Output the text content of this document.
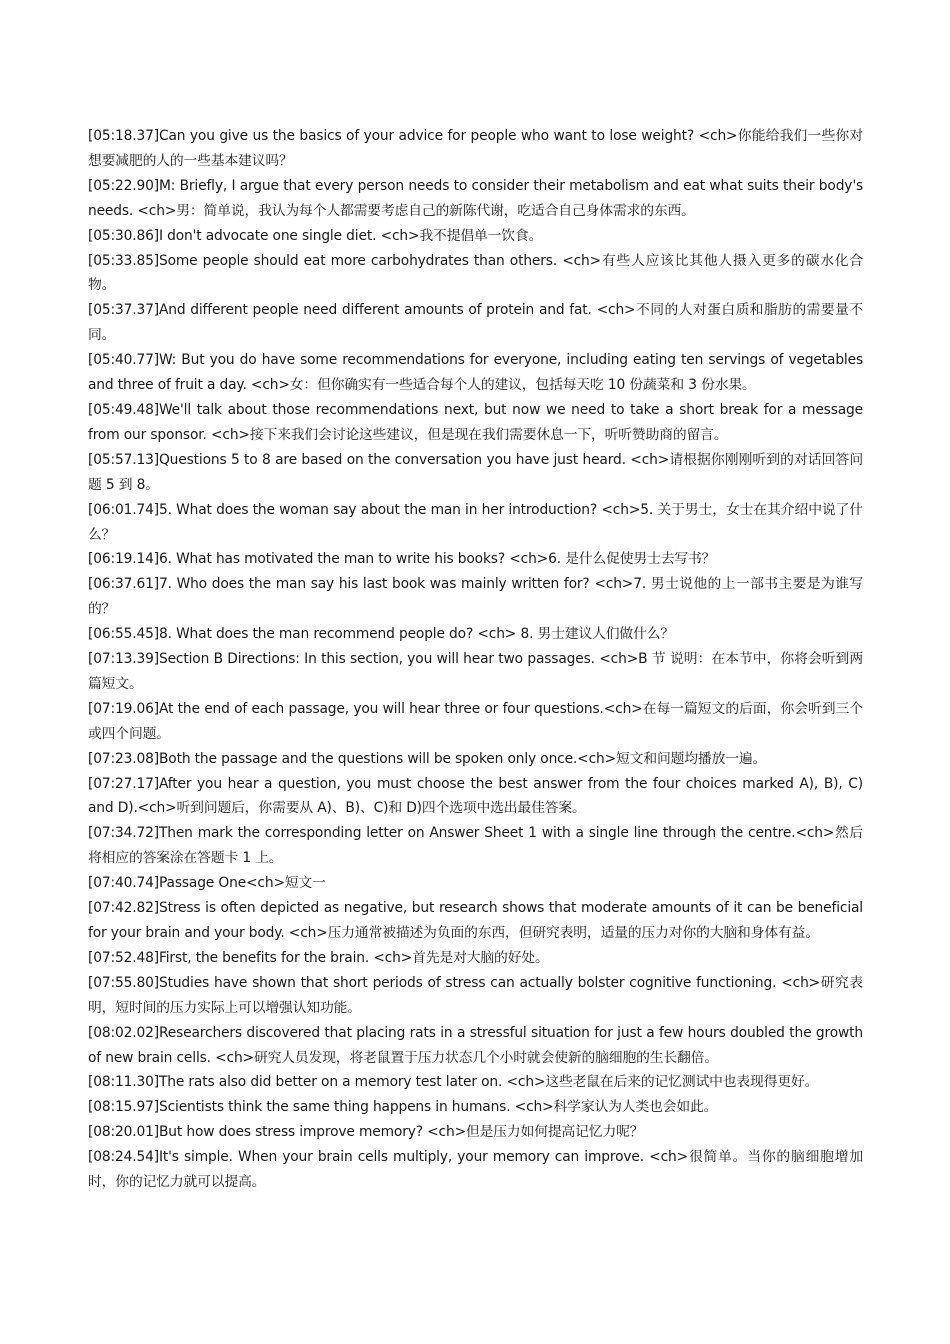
[05:18.37]Can you give us the basics of your advice for people who want to lose weight? <ch>你能给我们一些你对想要减肥的人的一些基本建议吗？

[05:22.90]M: Briefly, I argue that every person needs to consider their metabolism and eat what suits their body's needs. <ch>男：简单说，我认为每个人都需要考虑自己的新陈代谢，吃适合自己身体需求的东西。

[05:30.86]I don't advocate one single diet. <ch>我不提倡单一饮食。

[05:33.85]Some people should eat more carbohydrates than others. <ch>有些人应该比其他人摄入更多的碳水化合物。

[05:37.37]And different people need different amounts of protein and fat. <ch>不同的人对蛋白质和脂肪的需要量不同。

[05:40.77]W: But you do have some recommendations for everyone, including eating ten servings of vegetables and three of fruit a day. <ch>女：但你确实有一些适合每个人的建议，包括每天吃 10 份蔬菜和 3 份水果。

[05:49.48]We'll talk about those recommendations next, but now we need to take a short break for a message from our sponsor. <ch>接下来我们会讨论这些建议，但是现在我们需要休息一下，听听赞助商的留言。

[05:57.13]Questions 5 to 8 are based on the conversation you have just heard. <ch>请根据你刚刚听到的对话回答问题 5 到 8。

[06:01.74]5. What does the woman say about the man in her introduction? <ch>5. 关于男士，女士在其介绍中说了什么？

[06:19.14]6. What has motivated the man to write his books? <ch>6. 是什么促使男士去写书？

[06:37.61]7. Who does the man say his last book was mainly written for? <ch>7. 男士说他的上一部书主要是为谁写的？

[06:55.45]8. What does the man recommend people do? <ch> 8. 男士建议人们做什么？

[07:13.39]Section B Directions: In this section, you will hear two passages. <ch>B 节 说明：在本节中，你将会听到两篇短文。

[07:19.06]At the end of each passage, you will hear three or four questions.<ch>在每一篇短文的后面，你会听到三个或四个问题。

[07:23.08]Both the passage and the questions will be spoken only once.<ch>短文和问题均播放一遍。

[07:27.17]After you hear a question, you must choose the best answer from the four choices marked A), B), C) and D).<ch>听到问题后，你需要从 A)、B)、C)和 D)四个选项中选出最佳答案。

[07:34.72]Then mark the corresponding letter on Answer Sheet 1 with a single line through the centre.<ch>然后将相应的答案涂在答题卡 1 上。

[07:40.74]Passage One<ch>短文一

[07:42.82]Stress is often depicted as negative, but research shows that moderate amounts of it can be beneficial for your brain and your body. <ch>压力通常被描述为负面的东西，但研究表明，适量的压力对你的大脑和身体有益。

[07:52.48]First, the benefits for the brain. <ch>首先是对大脑的好处。

[07:55.80]Studies have shown that short periods of stress can actually bolster cognitive functioning. <ch>研究表明，短时间的压力实际上可以增强认知功能。

[08:02.02]Researchers discovered that placing rats in a stressful situation for just a few hours doubled the growth of new brain cells. <ch>研究人员发现，将老鼠置于压力状态几个小时就会使新的脑细胞的生长翻倍。

[08:11.30]The rats also did better on a memory test later on. <ch>这些老鼠在后来的记忆测试中也表现得更好。

[08:15.97]Scientists think the same thing happens in humans. <ch>科学家认为人类也会如此。

[08:20.01]But how does stress improve memory? <ch>但是压力如何提高记忆力呢？

[08:24.54]It's simple. When your brain cells multiply, your memory can improve. <ch>很简单。当你的脑细胞增加时，你的记忆力就可以提高。
